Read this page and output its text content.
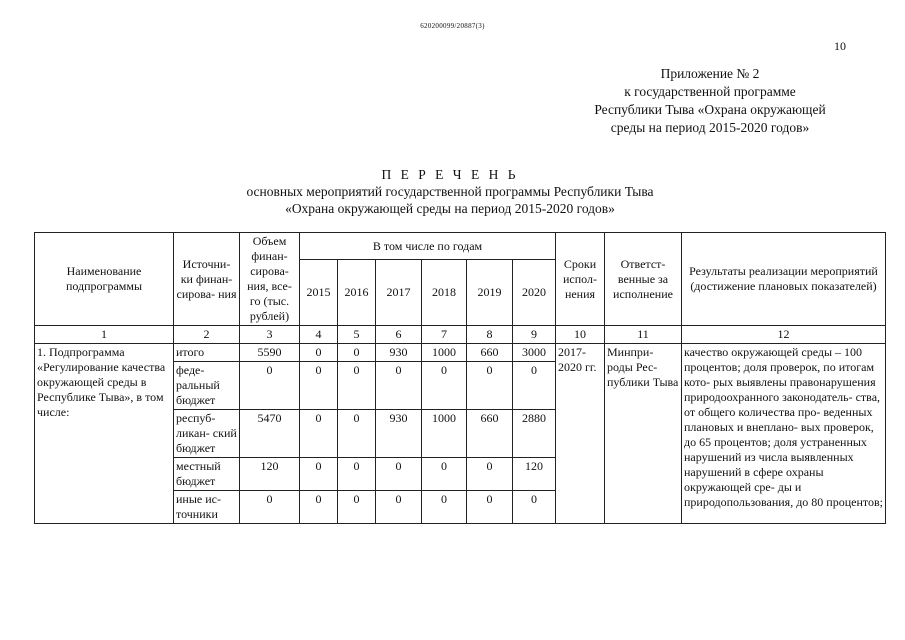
620200099/20887(3)
10
Приложение № 2
к государственной программе
Республики Тыва «Охрана окружающей
среды на период 2015-2020 годов»
П Е Р Е Ч Е Н Ь
основных мероприятий государственной программы Республики Тыва
«Охрана окружающей среды на период 2015-2020 годов»
Наименование подпрограммы	Источни- ки финан- сирова- ния	Объем финан- сирова- ния, все- го (тыс. рублей)	В том числе по годам						Сроки испол- нения	Ответст- венные за исполнение	Результаты реализации мероприятий (достижение плановых показателей)
			2015	2016	2017	2018	2019	2020			
1	2	3	4	5	6	7	8	9	10	11	12
1. Подпрограмма «Регулирование качества окружающей среды в Республике Тыва», в том числе:	итого	5590	0	0	930	1000	660	3000	2017- 2020 гг.	Минпри- роды Рес- публики Тыва	качество окружающей среды – 100 процентов; доля проверок, по итогам кото- рых выявлены правонарушения природоохранного законодатель- ства, от общего количества про- веденных плановых и внеплано- вых проверок, до 65 процентов; доля устраненных нарушений из числа выявленных нарушений в сфере охраны окружающей сре- ды и природопользования, до 80 процентов;
	феде- ральный бюджет	0	0	0	0	0	0	0			
	респуб- ликан- ский бюджет	5470	0	0	930	1000	660	2880			
	местный бюджет	120	0	0	0	0	0	120			
	иные ис- точники	0	0	0	0	0	0	0			
